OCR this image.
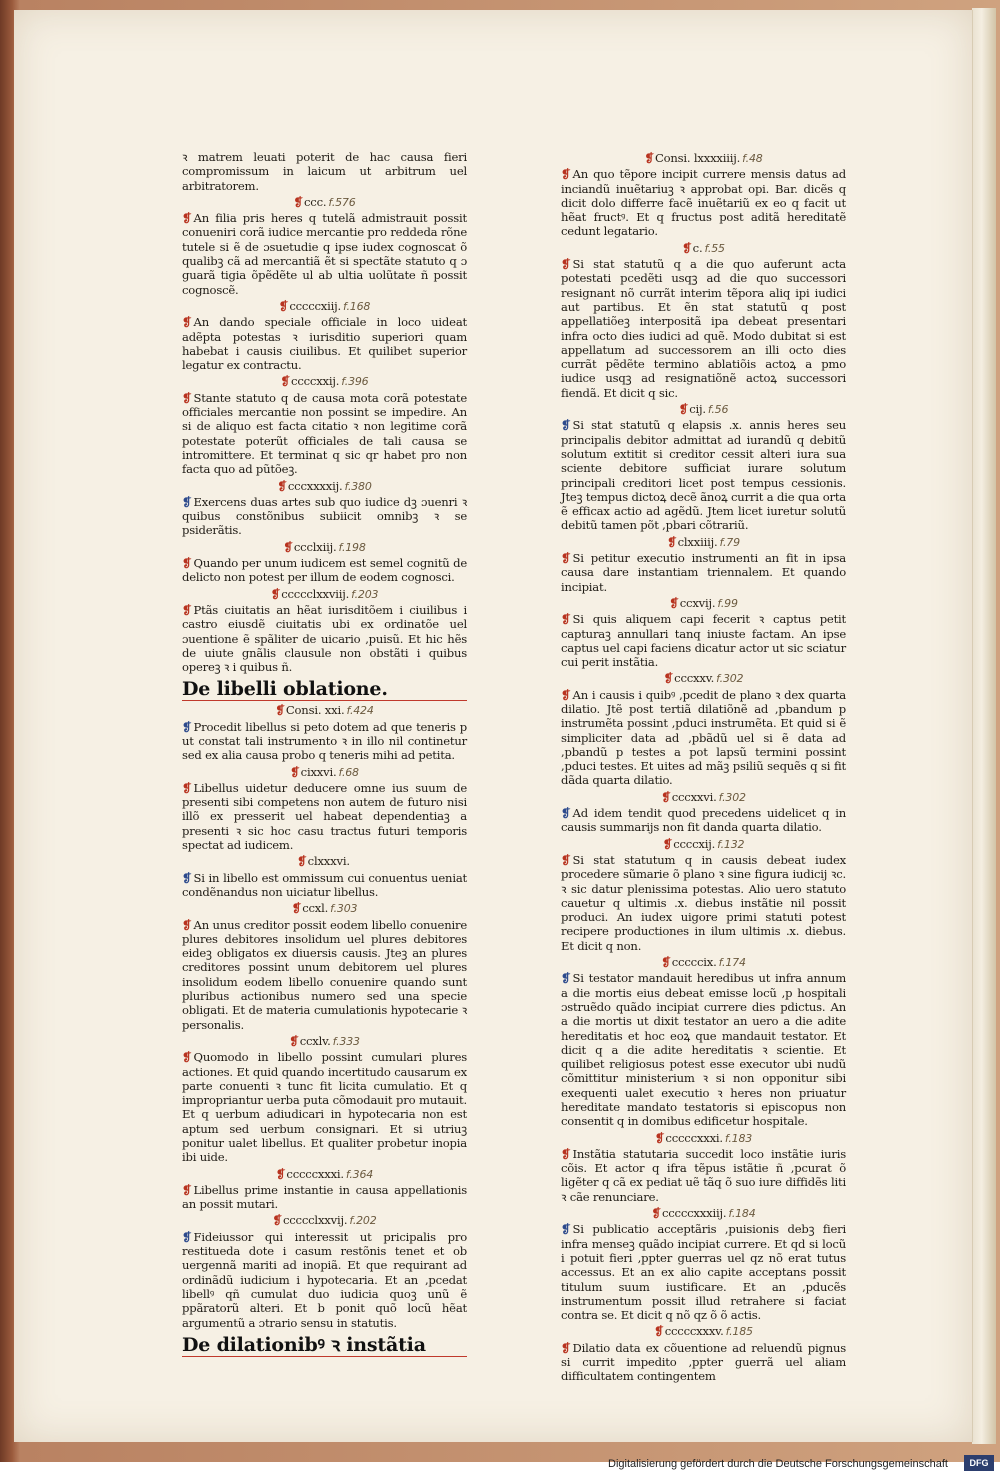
ꝛ matrem leuati poterit de hac causa fieri compromissum in laicum ut arbitrum uel arbitratorem.
❡ ccc. f.576
❡ An filia pris heres q tutelã admistrauit possit conueniri corã iudice mercantie pro reddeda rõne tutele si ẽ de ɔsuetudie q ipse iudex cognoscat õ qualibꝫ cã ad mercantiã ẽt si spectãte statuto q ɔ guarã tigia õpẽdẽte ul ab ultia uolũtate ñ possit cognoscẽ.
❡ cccccxiij. f.168
❡ An dando speciale officiale in loco uideat adẽpta potestas ꝛ iurisditio superiori quam habebat i causis ciuilibus. Et quilibet superior legatur ex contractu.
❡ ccccxxij. f.396
❡ Stante statuto q de causa mota corã potestate officiales mercantie non possint se impedire. An si de aliquo est facta citatio ꝛ non legitime corã potestate poterũt officiales de tali causa se intromittere. Et terminat q sic qr habet pro non facta quo ad pũtõeꝫ.
❡ cccxxxxij. f.380
❡ Exercens duas artes sub quo iudice dꝫ ɔuenri ꝛ quibus constõnibus subiicit omnibꝫ ꝛ se psiderãtis.
❡ ccclxiij. f.198
❡ Quando per unum iudicem est semel cognitũ de delicto non potest per illum de eodem cognosci.
❡ ccccclxxviij. f.203
❡ Ptãs ciuitatis an hẽat iurisditõem i ciuilibus i castro eiusdẽ ciuitatis ubi ex ordinatõe uel ɔuentione ẽ spãliter de uicario ,puisũ. Et hic hẽs de uiute gnãlis clausule non obstãti i quibus opereꝫ ꝛ i quibus ñ.
De libelli oblatione.
❡ Consi. xxi. f.424
❡ Procedit libellus si peto dotem ad que teneris p ut constat tali instrumento ꝛ in illo nil continetur sed ex alia causa probo q teneris mihi ad petita.
❡ cixxvi. f.68
❡ Libellus uidetur deducere omne ius suum de presenti sibi competens non autem de futuro nisi illõ ex presserit uel habeat dependentiaꝫ a presenti ꝛ sic hoc casu tractus futuri temporis spectat ad iudicem.
❡ clxxxvi.
❡ Si in libello est ommissum cui conuentus ueniat condẽnandus non uiciatur libellus.
❡ ccxl. f.303
❡ An unus creditor possit eodem libello conuenire plures debitores insolidum uel plures debitores eideꝫ obligatos ex diuersis causis. Jteꝫ an plures creditores possint unum debitorem uel plures insolidum eodem libello conuenire quando sunt pluribus actionibus numero sed una specie obligati. Et de materia cumulationis hypotecarie ꝛ personalis.
❡ ccxlv. f.333
❡ Quomodo in libello possint cumulari plures actiones. Et quid quando incertitudo causarum ex parte conuenti ꝛ tunc fit licita cumulatio. Et q impropriantur uerba puta cõmodauit pro mutauit. Et q uerbum adiudicari in hypotecaria non est aptum sed uerbum consignari. Et si utriuꝫ ponitur ualet libellus. Et qualiter probetur inopia ibi uide.
❡ cccccxxxi. f.364
❡ Libellus prime instantie in causa appellationis an possit mutari.
❡ ccccclxxvij. f.202
❡ Fideiussor qui interessit ut pricipalis pro restitueda dote i casum restõnis tenet et ob uergennã mariti ad inopiã. Et que requirant ad ordinãdũ iudicium i hypotecaria. Et an ,pcedat libellꝰ qñ cumulat duo iudicia quoꝫ unũ ẽ ppãratorũ alteri. Et b ponit quõ locũ hẽat argumentũ a ɔtrario sensu in statutis.
De dilationibꝰ ꝛ instãtia
❡ Consi. lxxxxiiij. f.48
❡ An quo tẽpore incipit currere mensis datus ad inciandũ inuẽtariuꝫ ꝛ approbat opi. Bar. dicẽs q dicit dolo differre facẽ inuẽtariũ ex eo q facit ut hẽat fructꝰ. Et q fructus post aditã hereditatẽ cedunt legatario.
❡ c. f.55
❡ Si stat statutũ q a die quo auferunt acta potestati pcedẽti usqꝫ ad die quo successori resignant nõ currãt interim tẽpora aliq ipi iudici aut partibus. Et ẽn stat statutũ q post appellatiõeꝫ interpositã ipa debeat presentari infra octo dies iudici ad quẽ. Modo dubitat si est appellatum ad successorem an illi octo dies currãt pẽdẽte termino ablatiõis actoꝝ a pmo iudice usqꝫ ad resignatiõnẽ actoꝝ successori fiendã. Et dicit q sic.
❡ cij. f.56
❡ Si stat statutũ q elapsis .x. annis heres seu principalis debitor admittat ad iurandũ q debitũ solutum extitit si creditor cessit alteri iura sua sciente debitore sufficiat iurare solutum principali creditori licet post tempus cessionis. Jteꝫ tempus dictoꝝ decẽ ãnoꝝ currit a die qua orta ẽ efficax actio ad agẽdũ. Jtem licet iuretur solutũ debitũ tamen põt ,pbari cõtrariũ.
❡ clxxiiij. f.79
❡ Si petitur executio instrumenti an fit in ipsa causa dare instantiam triennalem. Et quando incipiat.
❡ ccxvij. f.99
❡ Si quis aliquem capi fecerit ꝛ captus petit capturaꝫ annullari tanq iniuste factam. An ipse captus uel capi faciens dicatur actor ut sic sciatur cui perit instãtia.
❡ cccxxv. f.302
❡ An i causis i quibꝰ ,pcedit de plano ꝛ dex quarta dilatio. Jtẽ post tertiã dilatiõnẽ ad ,pbandum p instrumẽta possint ,pduci instrumẽta. Et quid si ẽ simpliciter data ad ,pbãdũ uel si ẽ data ad ,pbandũ p testes a pot lapsũ termini possint ,pduci testes. Et uites ad mãꝫ psiliũ sequẽs q si fit dãda quarta dilatio.
❡ cccxxvi. f.302
❡ Ad idem tendit quod precedens uidelicet q in causis summarijs non fit danda quarta dilatio.
❡ ccccxij. f.132
❡ Si stat statutum q in causis debeat iudex procedere sũmarie õ plano ꝛ sine figura iudicij ꝛc. ꝛ sic datur plenissima potestas. Alio uero statuto cauetur q ultimis .x. diebus instãtie nil possit produci. An iudex uigore primi statuti potest recipere productiones in ilum ultimis .x. diebus. Et dicit q non.
❡ cccccix. f.174
❡ Si testator mandauit heredibus ut infra annum a die mortis eius debeat emisse locũ ,p hospitali ɔstruẽdo quãdo incipiat currere dies pdictus. An a die mortis ut dixit testator an uero a die adite hereditatis et hoc eoꝝ que mandauit testator. Et dicit q a die adite hereditatis ꝛ scientie. Et quilibet religiosus potest esse executor ubi nudũ cõmittitur ministerium ꝛ si non opponitur sibi exequenti ualet executio ꝛ heres non priuatur hereditate mandato testatoris si episcopus non consentit q in domibus edificetur hospitale.
❡ cccccxxxi. f.183
❡ Instãtia statutaria succedit loco instãtie iuris cõis. Et actor q ifra tẽpus istãtie ñ ,pcurat õ ligẽter q cã ex pediat uẽ tãq õ suo iure diffidẽs liti ꝛ cãe renunciare.
❡ cccccxxxiij. f.184
❡ Si publicatio acceptãris ,puisionis debꝫ fieri infra menseꝫ quãdo incipiat currere. Et qd si locũ i potuit fieri ,ppter guerras uel qz nõ erat tutus accessus. Et an ex alio capite acceptans possit titulum suum iustificare. Et an ,pducẽs instrumentum possit illud retrahere si faciat contra se. Et dicit q nõ qz õ õ actis.
❡ cccccxxxv. f.185
❡ Dilatio data ex cõuentione ad reluendũ pignus si currit impedito ,ppter guerrã uel aliam difficultatem contingentem
Digitalisierung gefördert durch die Deutsche Forschungsgemeinschaft	DFG
